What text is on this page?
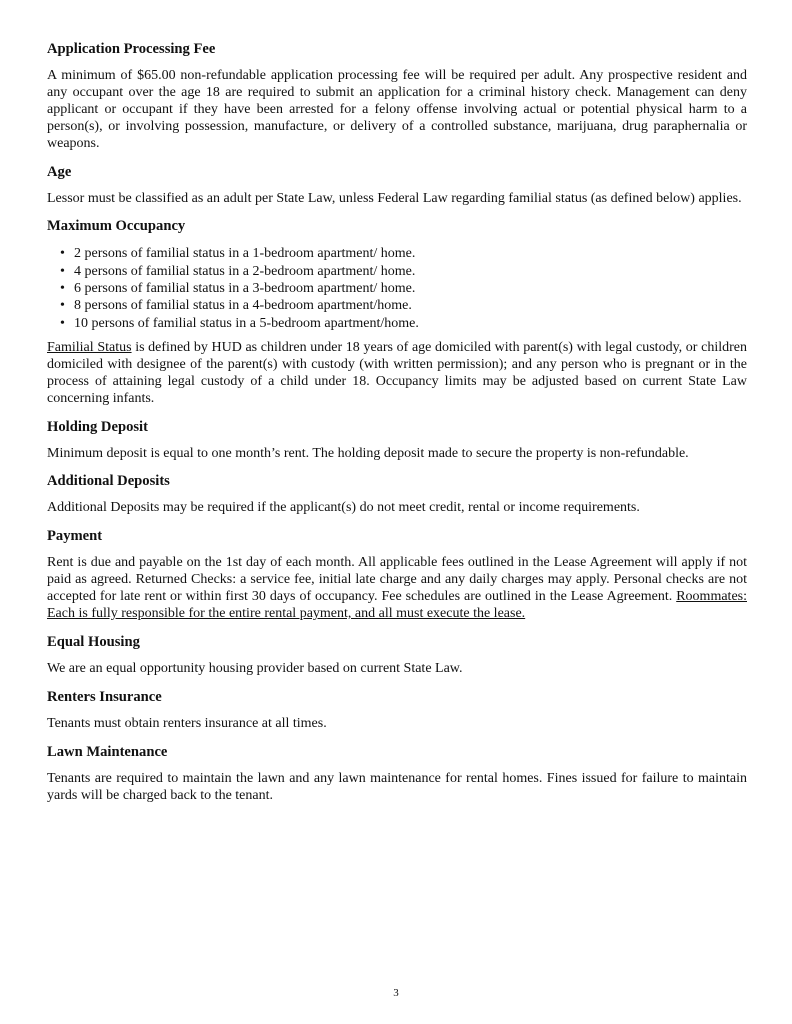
Application Processing Fee

A minimum of $65.00 non-refundable application processing fee will be required per adult. Any prospective resident and any occupant over the age 18 are required to submit an application for a criminal history check. Management can deny applicant or occupant if they have been arrested for a felony offense involving actual or potential physical harm to a person(s), or involving possession, manufacture, or delivery of a controlled substance, marijuana, drug paraphernalia or weapons.

Age

Lessor must be classified as an adult per State Law, unless Federal Law regarding familial status (as defined below) applies.

Maximum Occupancy
• 2 persons of familial status in a 1-bedroom apartment/ home.
• 4 persons of familial status in a 2-bedroom apartment/ home.
• 6 persons of familial status in a 3-bedroom apartment/ home.
• 8 persons of familial status in a 4-bedroom apartment/home.
• 10 persons of familial status in a 5-bedroom apartment/home.

Familial Status is defined by HUD as children under 18 years of age domiciled with parent(s) with legal custody, or children domiciled with designee of the parent(s) with custody (with written permission); and any person who is pregnant or in the process of attaining legal custody of a child under 18. Occupancy limits may be adjusted based on current State Law concerning infants.

Holding Deposit

Minimum deposit is equal to one month’s rent. The holding deposit made to secure the property is non-refundable.

Additional Deposits

Additional Deposits may be required if the applicant(s) do not meet credit, rental or income requirements.

Payment

Rent is due and payable on the 1st day of each month. All applicable fees outlined in the Lease Agreement will apply if not paid as agreed. Returned Checks: a service fee, initial late charge and any daily charges may apply. Personal checks are not accepted for late rent or within first 30 days of occupancy. Fee schedules are outlined in the Lease Agreement. Roommates: Each is fully responsible for the entire rental payment, and all must execute the lease.

Equal Housing

We are an equal opportunity housing provider based on current State Law.

Renters Insurance

Tenants must obtain renters insurance at all times.

Lawn Maintenance

Tenants are required to maintain the lawn and any lawn maintenance for rental homes. Fines issued for failure to maintain yards will be charged back to the tenant.

3
